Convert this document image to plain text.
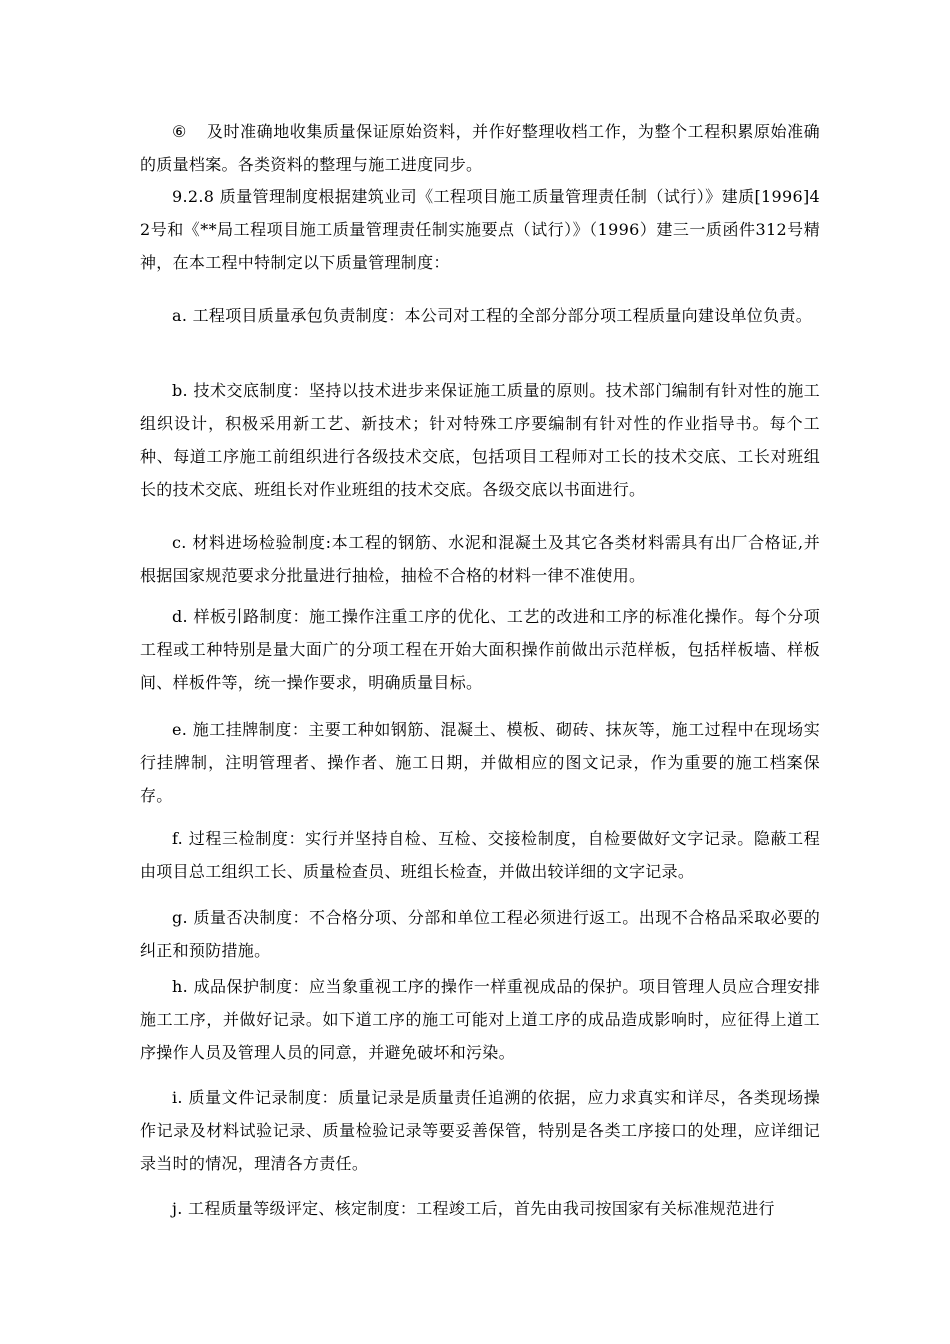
⑥ 及时准确地收集质量保证原始资料，并作好整理收档工作，为整个工程积累原始准确的质量档案。各类资料的整理与施工进度同步。

9.2.8 质量管理制度根据建筑业司《工程项目施工质量管理责任制（试行）》建质[1996]42号和《**局工程项目施工质量管理责任制实施要点（试行）》（1996）建三一质函件312号精神，在本工程中特制定以下质量管理制度：

a. 工程项目质量承包负责制度：本公司对工程的全部分部分项工程质量向建设单位负责。

b. 技术交底制度：坚持以技术进步来保证施工质量的原则。技术部门编制有针对性的施工组织设计，积极采用新工艺、新技术；针对特殊工序要编制有针对性的作业指导书。每个工种、每道工序施工前组织进行各级技术交底，包括项目工程师对工长的技术交底、工长对班组长的技术交底、班组长对作业班组的技术交底。各级交底以书面进行。

c. 材料进场检验制度:本工程的钢筋、水泥和混凝土及其它各类材料需具有出厂合格证,并根据国家规范要求分批量进行抽检，抽检不合格的材料一律不准使用。

d. 样板引路制度：施工操作注重工序的优化、工艺的改进和工序的标准化操作。每个分项工程或工种特别是量大面广的分项工程在开始大面积操作前做出示范样板，包括样板墙、样板间、样板件等，统一操作要求，明确质量目标。

e. 施工挂牌制度：主要工种如钢筋、混凝土、模板、砌砖、抹灰等，施工过程中在现场实行挂牌制，注明管理者、操作者、施工日期，并做相应的图文记录，作为重要的施工档案保存。

f. 过程三检制度：实行并坚持自检、互检、交接检制度，自检要做好文字记录。隐蔽工程由项目总工组织工长、质量检查员、班组长检查，并做出较详细的文字记录。

g. 质量否决制度：不合格分项、分部和单位工程必须进行返工。出现不合格品采取必要的纠正和预防措施。

h. 成品保护制度：应当象重视工序的操作一样重视成品的保护。项目管理人员应合理安排施工工序，并做好记录。如下道工序的施工可能对上道工序的成品造成影响时，应征得上道工序操作人员及管理人员的同意，并避免破坏和污染。

i. 质量文件记录制度：质量记录是质量责任追溯的依据，应力求真实和详尽，各类现场操作记录及材料试验记录、质量检验记录等要妥善保管，特别是各类工序接口的处理，应详细记录当时的情况，理清各方责任。

j. 工程质量等级评定、核定制度：工程竣工后，首先由我司按国家有关标准规范进行
